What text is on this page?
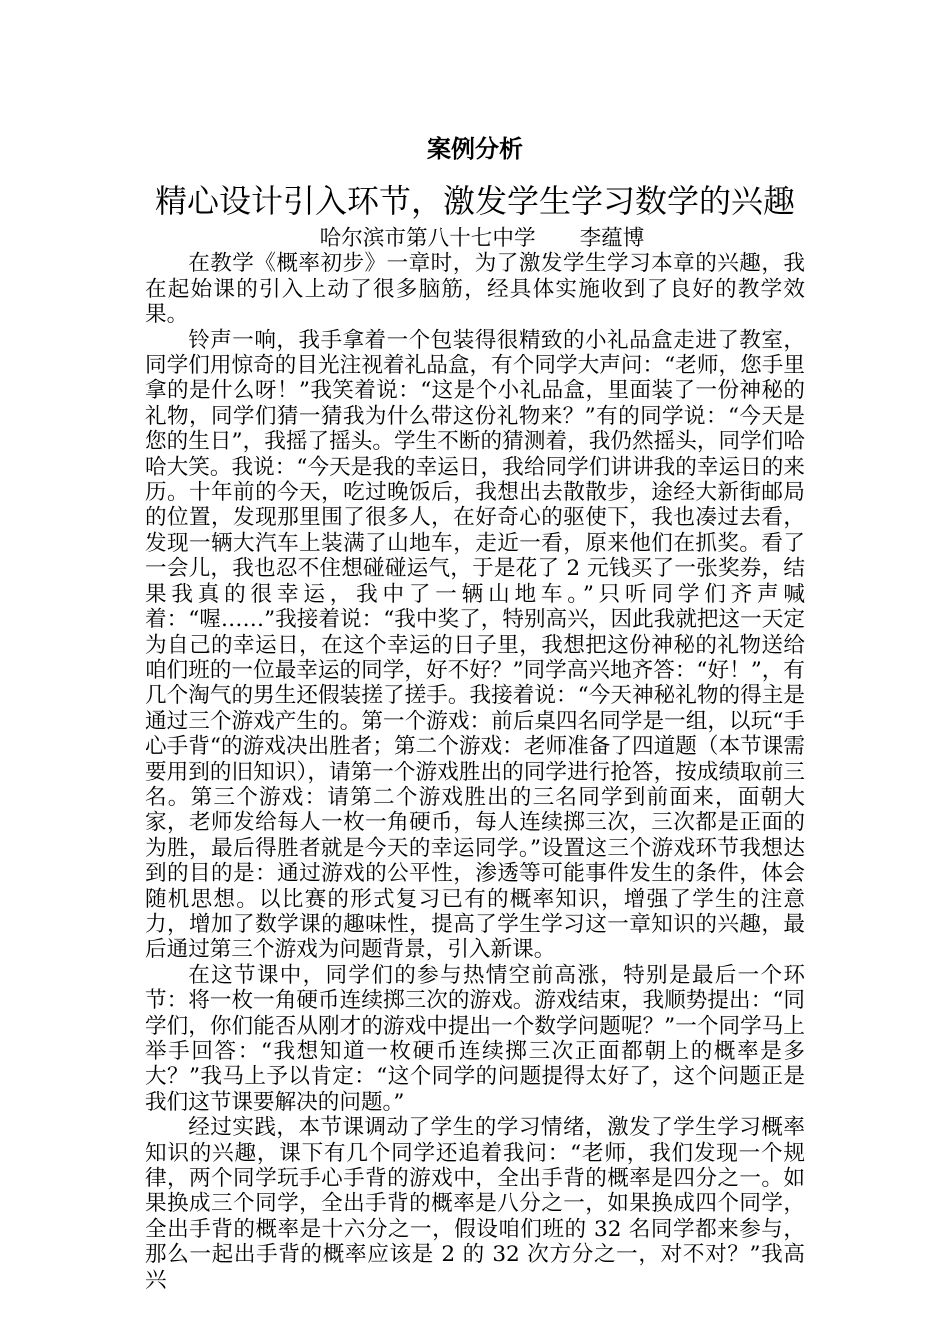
案例分析
精心设计引入环节，激发学生学习数学的兴趣

哈尔滨市第八十七中学 李蕴博

在教学《概率初步》一章时，为了激发学生学习本章的兴趣，我在起始课的引入上动了很多脑筋，经具体实施收到了良好的教学效果。

铃声一响，我手拿着一个包装得很精致的小礼品盒走进了教室，同学们用惊奇的目光注视着礼品盒，有个同学大声问：“老师，您手里拿的是什么呀！”我笑着说：“这是个小礼品盒，里面装了一份神秘的礼物，同学们猜一猜我为什么带这份礼物来？”有的同学说：“今天是您的生日”，我摇了摇头。学生不断的猜测着，我仍然摇头，同学们哈哈大笑。我说：“今天是我的幸运日，我给同学们讲讲我的幸运日的来历。十年前的今天，吃过晚饭后，我想出去散散步，途经大新街邮局的位置，发现那里围了很多人，在好奇心的驱使下，我也凑过去看，发现一辆大汽车上装满了山地车，走近一看，原来他们在抓奖。看了一会儿，我也忍不住想碰碰运气，于是花了 2 元钱买了一张奖券，结果我真的很幸运，我中了一辆山地车。”只听同学们齐声喊着：“喔……”我接着说：“我中奖了，特别高兴，因此我就把这一天定为自己的幸运日，在这个幸运的日子里，我想把这份神秘的礼物送给咱们班的一位最幸运的同学，好不好？”同学高兴地齐答：“好！”，有几个淘气的男生还假装搓了搓手。我接着说：“今天神秘礼物的得主是通过三个游戏产生的。第一个游戏：前后桌四名同学是一组，以玩“手心手背“的游戏决出胜者；第二个游戏：老师准备了四道题（本节课需要用到的旧知识），请第一个游戏胜出的同学进行抢答，按成绩取前三名。第三个游戏：请第二个游戏胜出的三名同学到前面来，面朝大家，老师发给每人一枚一角硬币，每人连续掷三次，三次都是正面的为胜，最后得胜者就是今天的幸运同学。”设置这三个游戏环节我想达到的目的是：通过游戏的公平性，渗透等可能事件发生的条件，体会随机思想。以比赛的形式复习已有的概率知识，增强了学生的注意力，增加了数学课的趣味性，提高了学生学习这一章知识的兴趣，最后通过第三个游戏为问题背景，引入新课。

在这节课中，同学们的参与热情空前高涨，特别是最后一个环节：将一枚一角硬币连续掷三次的游戏。游戏结束，我顺势提出：“同学们，你们能否从刚才的游戏中提出一个数学问题呢？”一个同学马上举手回答：“我想知道一枚硬币连续掷三次正面都朝上的概率是多大？”我马上予以肯定：“这个同学的问题提得太好了，这个问题正是我们这节课要解决的问题。”

经过实践，本节课调动了学生的学习情绪，激发了学生学习概率知识的兴趣，课下有几个同学还追着我问：“老师，我们发现一个规律，两个同学玩手心手背的游戏中，全出手背的概率是四分之一。如果换成三个同学，全出手背的概率是八分之一，如果换成四个同学，全出手背的概率是十六分之一，假设咱们班的 32 名同学都来参与，那么一起出手背的概率应该是 2 的 32 次方分之一，对不对？”我高兴
